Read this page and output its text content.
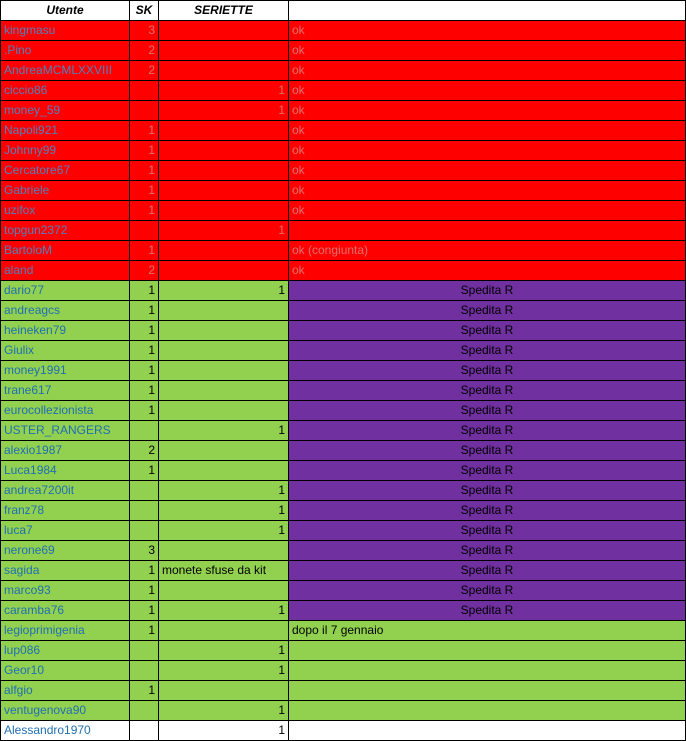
Utente	SK	SERIETTE	
kingmasu	3		ok
.Pino	2		ok
AndreaMCMLXXVIII	2		ok
ciccio86		1	ok
money_59		1	ok
Napoli921	1		ok
Johnny99	1		ok
Cercatore67	1		ok
Gabriele	1		ok
uzifox	1		ok
topgun2372		1	
BartoloM	1		ok (congiunta)
aland	2		ok
dario77	1	1	Spedita R
andreagcs	1		Spedita R
heineken79	1		Spedita R
Giulix	1		Spedita R
money1991	1		Spedita R
trane617	1		Spedita R
eurocollezionista	1		Spedita R
USTER_RANGERS		1	Spedita R
alexio1987	2		Spedita R
Luca1984	1		Spedita R
andrea7200it		1	Spedita R
franz78		1	Spedita R
luca7		1	Spedita R
nerone69	3		Spedita R
sagida	1	monete sfuse da kit	Spedita R
marco93	1		Spedita R
caramba76	1	1	Spedita R
legioprimigenia	1		dopo il 7 gennaio
lup086		1	
Geor10		1	
alfgio	1		
ventugenova90		1	
Alessandro1970		1	
